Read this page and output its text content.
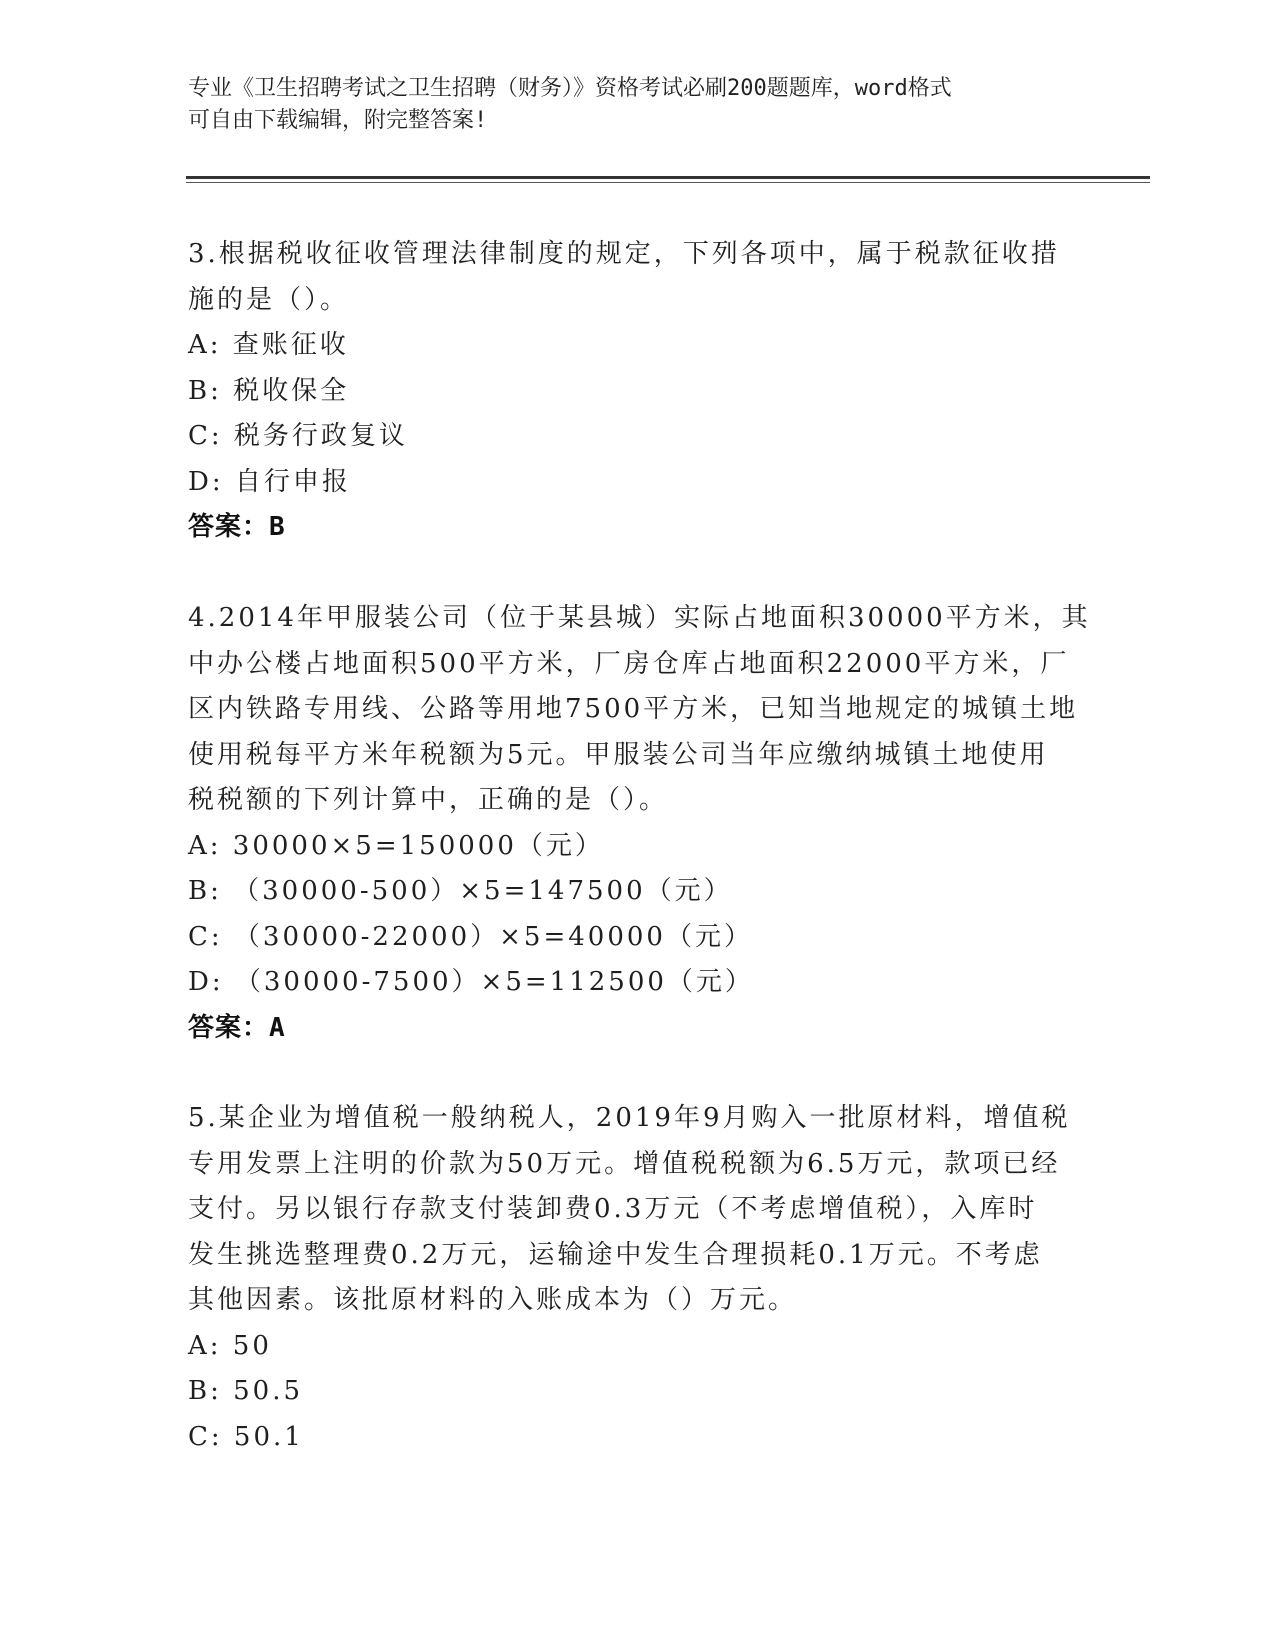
专业《卫生招聘考试之卫生招聘（财务）》资格考试必刷200题题库，word格式
可自由下载编辑，附完整答案!
3.根据税收征收管理法律制度的规定，下列各项中，属于税款征收措
施的是（）。
A: 查账征收
B: 税收保全
C: 税务行政复议
D: 自行申报
答案：B
4.2014年甲服装公司（位于某县城）实际占地面积30000平方米，其
中办公楼占地面积500平方米，厂房仓库占地面积22000平方米，厂
区内铁路专用线、公路等用地7500平方米，已知当地规定的城镇土地
使用税每平方米年税额为5元。甲服装公司当年应缴纳城镇土地使用
税税额的下列计算中，正确的是（）。
A: 30000×5=150000（元）
B: （30000-500）×5=147500（元）
C: （30000-22000）×5=40000（元）
D: （30000-7500）×5=112500（元）
答案：A
5.某企业为增值税一般纳税人，2019年9月购入一批原材料，增值税
专用发票上注明的价款为50万元。增值税税额为6.5万元，款项已经
支付。另以银行存款支付装卸费0.3万元（不考虑增值税），入库时
发生挑选整理费0.2万元，运输途中发生合理损耗0.1万元。不考虑
其他因素。该批原材料的入账成本为（）万元。
A: 50
B: 50.5
C: 50.1
